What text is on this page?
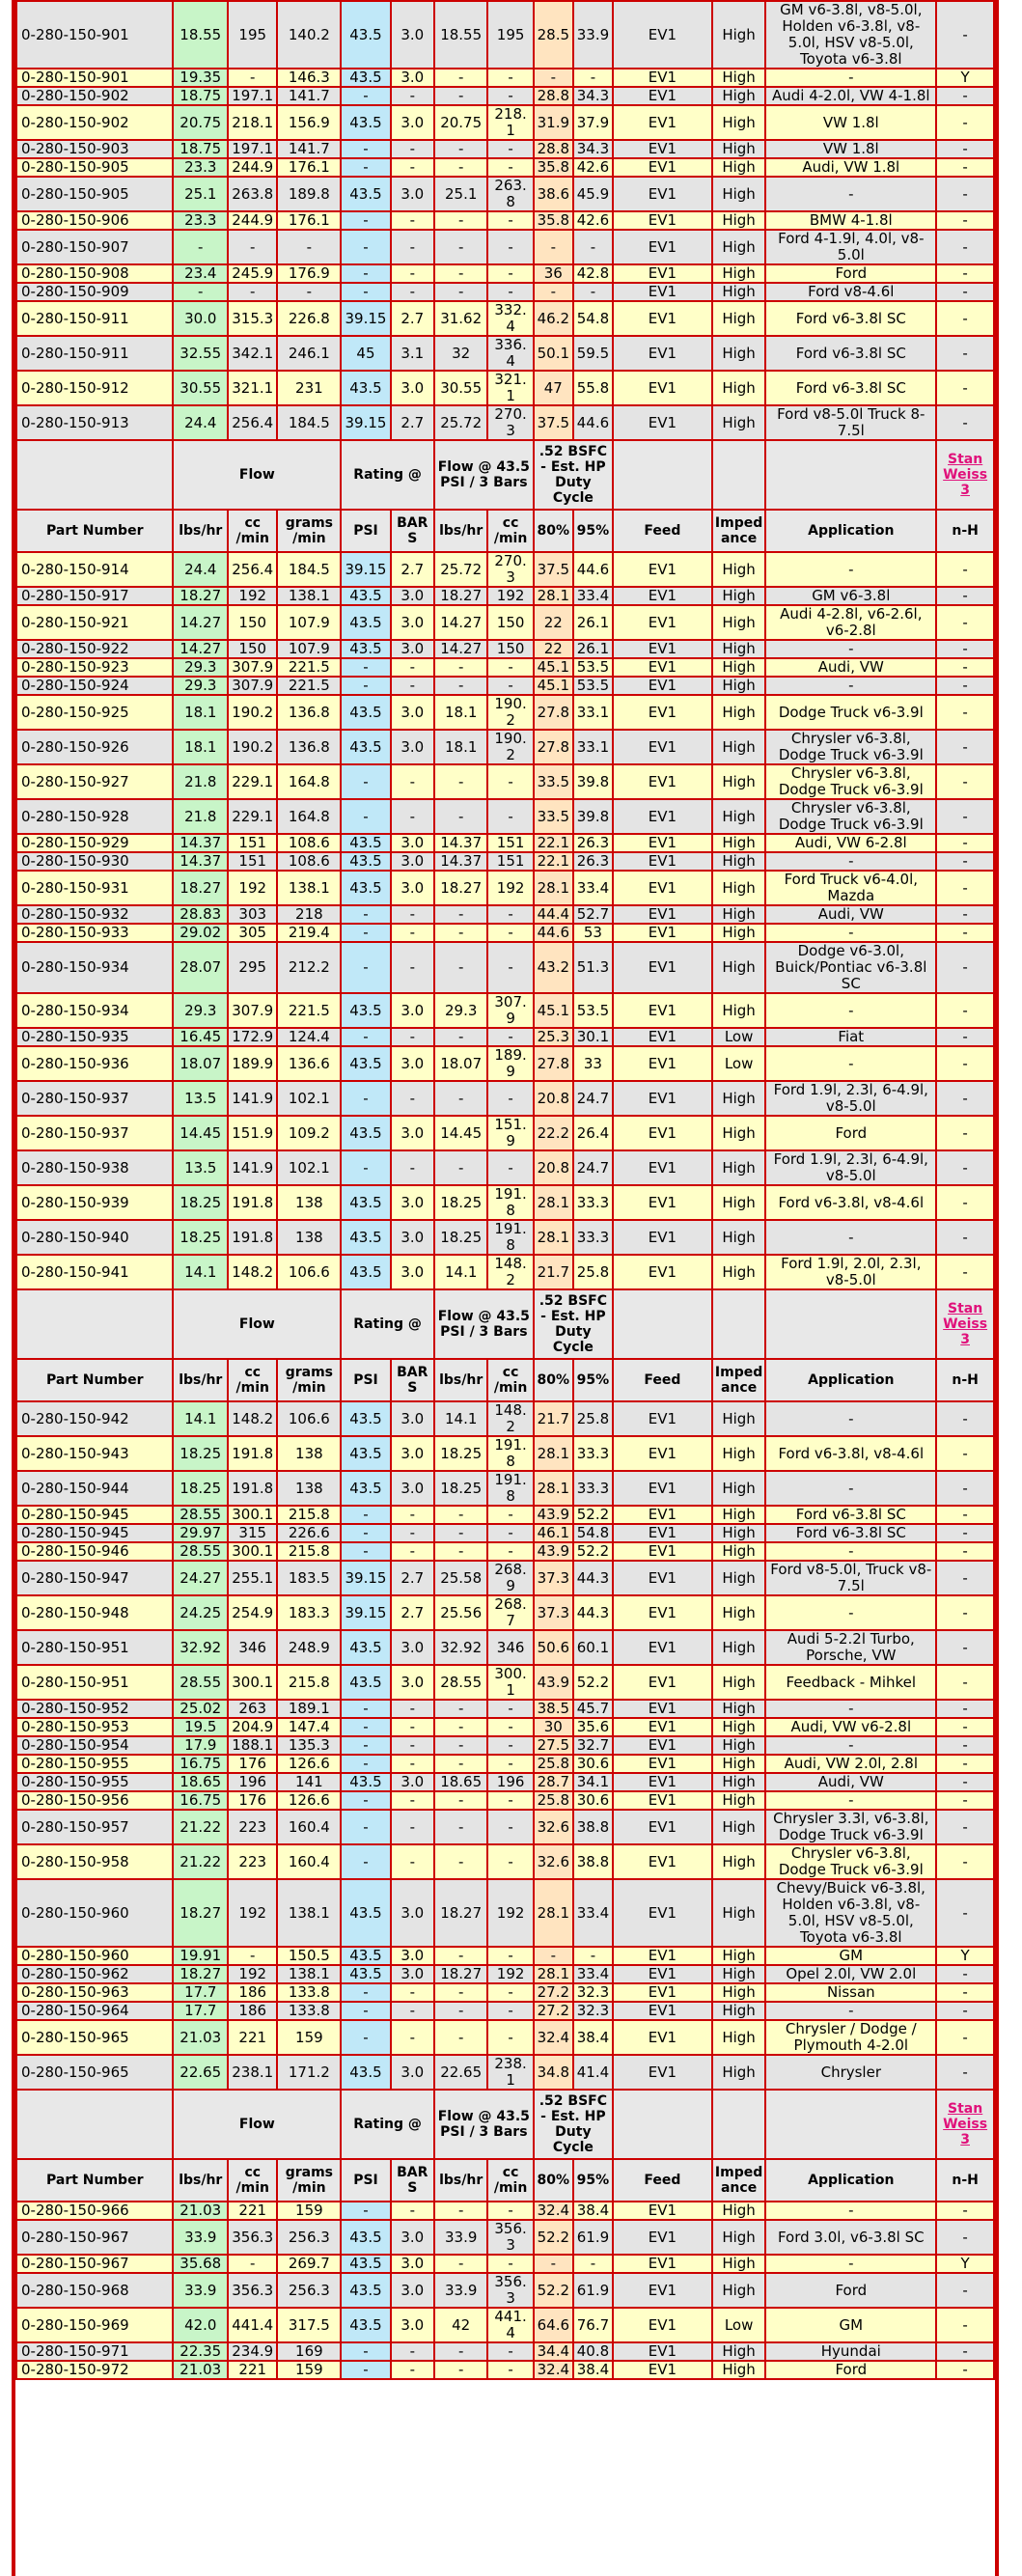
0-280-150-901	18.55	195	140.2	43.5	3.0	18.55	195	28.5	33.9	EV1	High	GM v6-3.8l, v8-5.0l, Holden v6-3.8l, v8-5.0l, HSV v8-5.0l, Toyota v6-3.8l	-
0-280-150-901	19.35	-	146.3	43.5	3.0	-	-	-	-	EV1	High	-	Y
0-280-150-902	18.75	197.1	141.7	-	-	-	-	28.8	34.3	EV1	High	Audi 4-2.0l, VW 4-1.8l	-
0-280-150-902	20.75	218.1	156.9	43.5	3.0	20.75	218.1	31.9	37.9	EV1	High	VW 1.8l	-
0-280-150-903	18.75	197.1	141.7	-	-	-	-	28.8	34.3	EV1	High	VW 1.8l	-
0-280-150-905	23.3	244.9	176.1	-	-	-	-	35.8	42.6	EV1	High	Audi, VW 1.8l	-
0-280-150-905	25.1	263.8	189.8	43.5	3.0	25.1	263.8	38.6	45.9	EV1	High	-	-
0-280-150-906	23.3	244.9	176.1	-	-	-	-	35.8	42.6	EV1	High	BMW 4-1.8l	-
0-280-150-907	-	-	-	-	-	-	-	-	-	EV1	High	Ford 4-1.9l, 4.0l, v8-5.0l	-
0-280-150-908	23.4	245.9	176.9	-	-	-	-	36	42.8	EV1	High	Ford	-
0-280-150-909	-	-	-	-	-	-	-	-	-	EV1	High	Ford v8-4.6l	-
0-280-150-911	30.0	315.3	226.8	39.15	2.7	31.62	332.4	46.2	54.8	EV1	High	Ford v6-3.8l SC	-
0-280-150-911	32.55	342.1	246.1	45	3.1	32	336.4	50.1	59.5	EV1	High	Ford v6-3.8l SC	-
0-280-150-912	30.55	321.1	231	43.5	3.0	30.55	321.1	47	55.8	EV1	High	Ford v6-3.8l SC	-
0-280-150-913	24.4	256.4	184.5	39.15	2.7	25.72	270.3	37.5	44.6	EV1	High	Ford v8-5.0l Truck 8-7.5l	-
	Flow			Rating @		Flow @ 43.5 PSI / 3 Bars		.52 BSFC - Est. HP Duty Cycle					Stan Weiss 3
Part Number	lbs/hr	cc /min	grams /min	PSI	BARS	lbs/hr	cc /min	80%	95%	Feed	Imped ance	Application	n-H
0-280-150-914	24.4	256.4	184.5	39.15	2.7	25.72	270.3	37.5	44.6	EV1	High	-	-
0-280-150-917	18.27	192	138.1	43.5	3.0	18.27	192	28.1	33.4	EV1	High	GM v6-3.8l	-
0-280-150-921	14.27	150	107.9	43.5	3.0	14.27	150	22	26.1	EV1	High	Audi 4-2.8l, v6-2.6l, v6-2.8l	-
0-280-150-922	14.27	150	107.9	43.5	3.0	14.27	150	22	26.1	EV1	High	-	-
0-280-150-923	29.3	307.9	221.5	-	-	-	-	45.1	53.5	EV1	High	Audi, VW	-
0-280-150-924	29.3	307.9	221.5	-	-	-	-	45.1	53.5	EV1	High	-	-
0-280-150-925	18.1	190.2	136.8	43.5	3.0	18.1	190.2	27.8	33.1	EV1	High	Dodge Truck v6-3.9l	-
0-280-150-926	18.1	190.2	136.8	43.5	3.0	18.1	190.2	27.8	33.1	EV1	High	Chrysler v6-3.8l, Dodge Truck v6-3.9l	-
0-280-150-927	21.8	229.1	164.8	-	-	-	-	33.5	39.8	EV1	High	Chrysler v6-3.8l, Dodge Truck v6-3.9l	-
0-280-150-928	21.8	229.1	164.8	-	-	-	-	33.5	39.8	EV1	High	Chrysler v6-3.8l, Dodge Truck v6-3.9l	-
0-280-150-929	14.37	151	108.6	43.5	3.0	14.37	151	22.1	26.3	EV1	High	Audi, VW 6-2.8l	-
0-280-150-930	14.37	151	108.6	43.5	3.0	14.37	151	22.1	26.3	EV1	High	-	-
0-280-150-931	18.27	192	138.1	43.5	3.0	18.27	192	28.1	33.4	EV1	High	Ford Truck v6-4.0l, Mazda	-
0-280-150-932	28.83	303	218	-	-	-	-	44.4	52.7	EV1	High	Audi, VW	-
0-280-150-933	29.02	305	219.4	-	-	-	-	44.6	53	EV1	High	-	-
0-280-150-934	28.07	295	212.2	-	-	-	-	43.2	51.3	EV1	High	Dodge v6-3.0l, Buick/Pontiac v6-3.8l SC	-
0-280-150-934	29.3	307.9	221.5	43.5	3.0	29.3	307.9	45.1	53.5	EV1	High	-	-
0-280-150-935	16.45	172.9	124.4	-	-	-	-	25.3	30.1	EV1	Low	Fiat	-
0-280-150-936	18.07	189.9	136.6	43.5	3.0	18.07	189.9	27.8	33	EV1	Low	-	-
0-280-150-937	13.5	141.9	102.1	-	-	-	-	20.8	24.7	EV1	High	Ford 1.9l, 2.3l, 6-4.9l, v8-5.0l	-
0-280-150-937	14.45	151.9	109.2	43.5	3.0	14.45	151.9	22.2	26.4	EV1	High	Ford	-
0-280-150-938	13.5	141.9	102.1	-	-	-	-	20.8	24.7	EV1	High	Ford 1.9l, 2.3l, 6-4.9l, v8-5.0l	-
0-280-150-939	18.25	191.8	138	43.5	3.0	18.25	191.8	28.1	33.3	EV1	High	Ford v6-3.8l, v8-4.6l	-
0-280-150-940	18.25	191.8	138	43.5	3.0	18.25	191.8	28.1	33.3	EV1	High	-	-
0-280-150-941	14.1	148.2	106.6	43.5	3.0	14.1	148.2	21.7	25.8	EV1	High	Ford 1.9l, 2.0l, 2.3l, v8-5.0l	-
	Flow			Rating @		Flow @ 43.5 PSI / 3 Bars		.52 BSFC - Est. HP Duty Cycle					Stan Weiss 3
Part Number	lbs/hr	cc /min	grams /min	PSI	BARS	lbs/hr	cc /min	80%	95%	Feed	Imped ance	Application	n-H
0-280-150-942	14.1	148.2	106.6	43.5	3.0	14.1	148.2	21.7	25.8	EV1	High	-	-
0-280-150-943	18.25	191.8	138	43.5	3.0	18.25	191.8	28.1	33.3	EV1	High	Ford v6-3.8l, v8-4.6l	-
0-280-150-944	18.25	191.8	138	43.5	3.0	18.25	191.8	28.1	33.3	EV1	High	-	-
0-280-150-945	28.55	300.1	215.8	-	-	-	-	43.9	52.2	EV1	High	Ford v6-3.8l SC	-
0-280-150-945	29.97	315	226.6	-	-	-	-	46.1	54.8	EV1	High	Ford v6-3.8l SC	-
0-280-150-946	28.55	300.1	215.8	-	-	-	-	43.9	52.2	EV1	High	-	-
0-280-150-947	24.27	255.1	183.5	39.15	2.7	25.58	268.9	37.3	44.3	EV1	High	Ford v8-5.0l, Truck v8-7.5l	-
0-280-150-948	24.25	254.9	183.3	39.15	2.7	25.56	268.7	37.3	44.3	EV1	High	-	-
0-280-150-951	32.92	346	248.9	43.5	3.0	32.92	346	50.6	60.1	EV1	High	Audi 5-2.2l Turbo, Porsche, VW	-
0-280-150-951	28.55	300.1	215.8	43.5	3.0	28.55	300.1	43.9	52.2	EV1	High	Feedback - Mihkel	-
0-280-150-952	25.02	263	189.1	-	-	-	-	38.5	45.7	EV1	High	-	-
0-280-150-953	19.5	204.9	147.4	-	-	-	-	30	35.6	EV1	High	Audi, VW v6-2.8l	-
0-280-150-954	17.9	188.1	135.3	-	-	-	-	27.5	32.7	EV1	High	-	-
0-280-150-955	16.75	176	126.6	-	-	-	-	25.8	30.6	EV1	High	Audi, VW 2.0l, 2.8l	-
0-280-150-955	18.65	196	141	43.5	3.0	18.65	196	28.7	34.1	EV1	High	Audi, VW	-
0-280-150-956	16.75	176	126.6	-	-	-	-	25.8	30.6	EV1	High	-	-
0-280-150-957	21.22	223	160.4	-	-	-	-	32.6	38.8	EV1	High	Chrysler 3.3l, v6-3.8l, Dodge Truck v6-3.9l	-
0-280-150-958	21.22	223	160.4	-	-	-	-	32.6	38.8	EV1	High	Chrysler v6-3.8l, Dodge Truck v6-3.9l	-
0-280-150-960	18.27	192	138.1	43.5	3.0	18.27	192	28.1	33.4	EV1	High	Chevy/Buick v6-3.8l, Holden v6-3.8l, v8-5.0l, HSV v8-5.0l, Toyota v6-3.8l	-
0-280-150-960	19.91	-	150.5	43.5	3.0	-	-	-	-	EV1	High	GM	Y
0-280-150-962	18.27	192	138.1	43.5	3.0	18.27	192	28.1	33.4	EV1	High	Opel 2.0l, VW 2.0l	-
0-280-150-963	17.7	186	133.8	-	-	-	-	27.2	32.3	EV1	High	Nissan	-
0-280-150-964	17.7	186	133.8	-	-	-	-	27.2	32.3	EV1	High	-	-
0-280-150-965	21.03	221	159	-	-	-	-	32.4	38.4	EV1	High	Chrysler / Dodge / Plymouth 4-2.0l	-
0-280-150-965	22.65	238.1	171.2	43.5	3.0	22.65	238.1	34.8	41.4	EV1	High	Chrysler	-
	Flow			Rating @		Flow @ 43.5 PSI / 3 Bars		.52 BSFC - Est. HP Duty Cycle					Stan Weiss 3
Part Number	lbs/hr	cc /min	grams /min	PSI	BARS	lbs/hr	cc /min	80%	95%	Feed	Imped ance	Application	n-H
0-280-150-966	21.03	221	159	-	-	-	-	32.4	38.4	EV1	High	-	-
0-280-150-967	33.9	356.3	256.3	43.5	3.0	33.9	356.3	52.2	61.9	EV1	High	Ford 3.0l, v6-3.8l SC	-
0-280-150-967	35.68	-	269.7	43.5	3.0	-	-	-	-	EV1	High	-	Y
0-280-150-968	33.9	356.3	256.3	43.5	3.0	33.9	356.3	52.2	61.9	EV1	High	Ford	-
0-280-150-969	42.0	441.4	317.5	43.5	3.0	42	441.4	64.6	76.7	EV1	Low	GM	-
0-280-150-971	22.35	234.9	169	-	-	-	-	34.4	40.8	EV1	High	Hyundai	-
0-280-150-972	21.03	221	159	-	-	-	-	32.4	38.4	EV1	High	Ford	-
